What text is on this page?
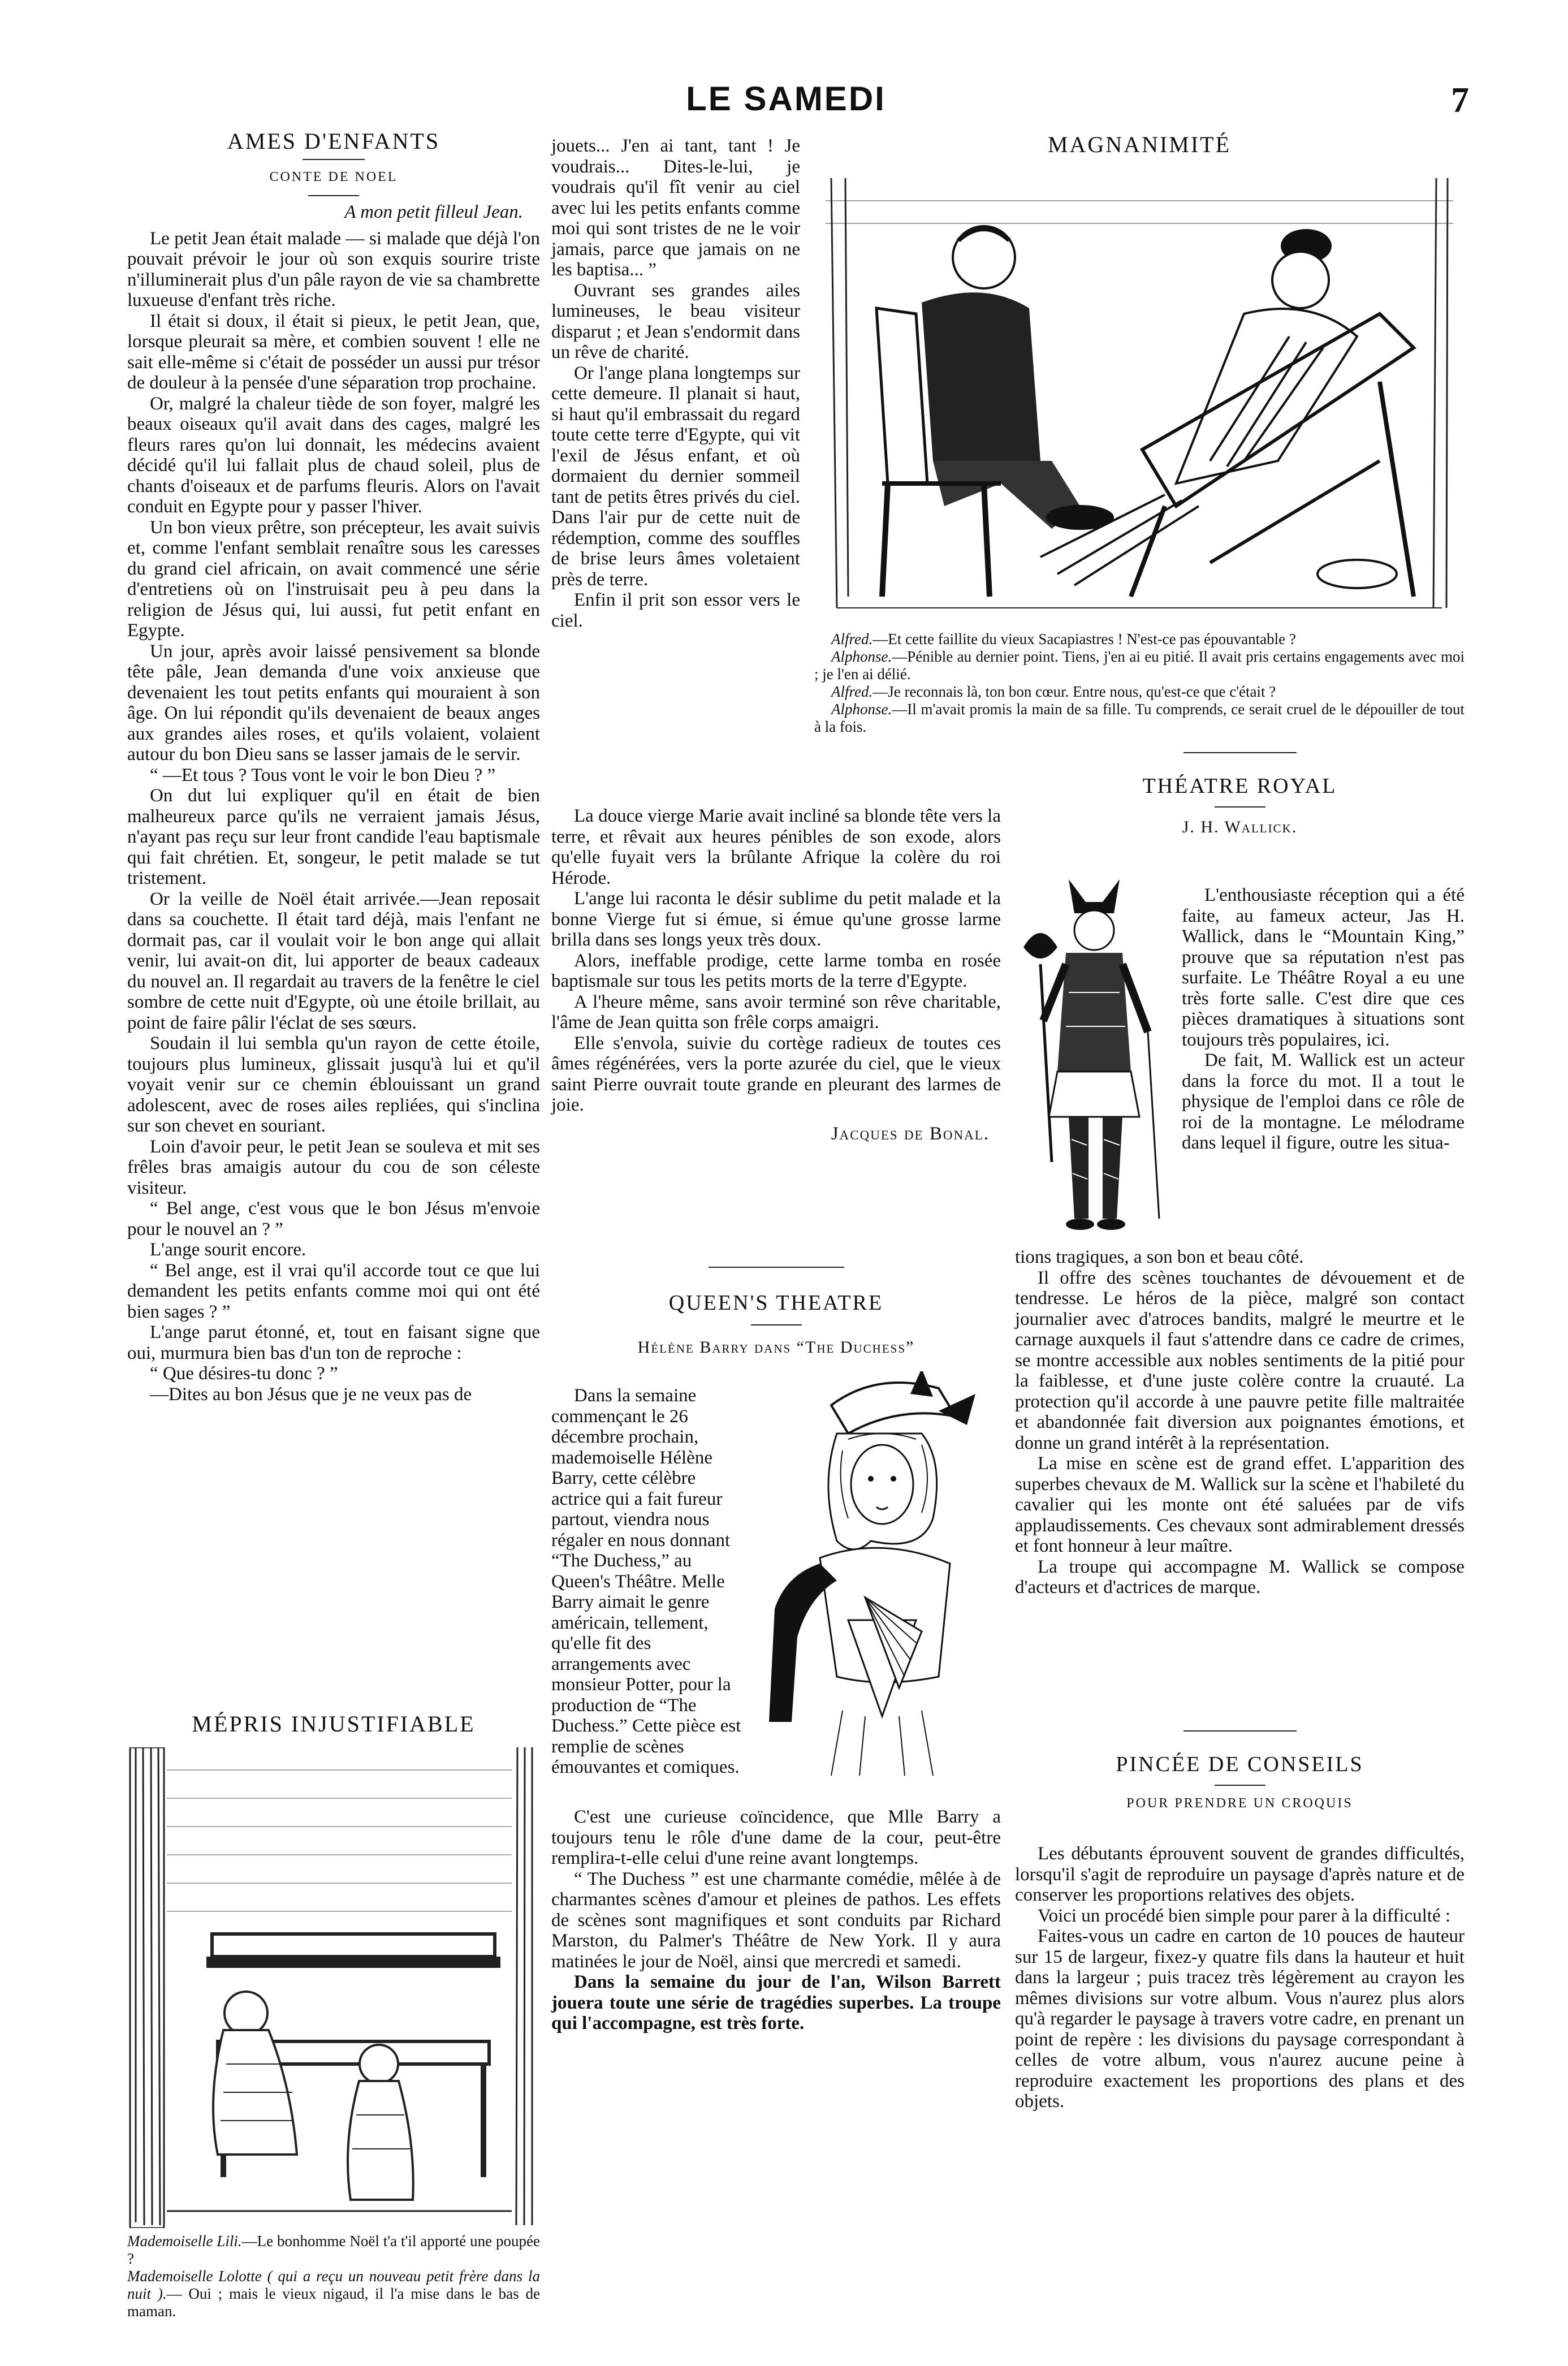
LE SAMEDI	7
AMES D'ENFANTS
CONTE DE NOEL
A mon petit filleul Jean.

Le petit Jean était malade — si malade que déjà l'on pouvait prévoir le jour où son exquis sourire triste n'illuminerait plus d'un pâle rayon de vie sa chambrette luxueuse d'enfant très riche.

Il était si doux, il était si pieux, le petit Jean, que, lorsque pleurait sa mère, et combien souvent ! elle ne sait elle-même si c'était de posséder un aussi pur trésor de douleur à la pensée d'une séparation trop prochaine.

Or, malgré la chaleur tiède de son foyer, malgré les beaux oiseaux qu'il avait dans des cages, malgré les fleurs rares qu'on lui donnait, les médecins avaient décidé qu'il lui fallait plus de chaud soleil, plus de chants d'oiseaux et de parfums fleuris. Alors on l'avait conduit en Egypte pour y passer l'hiver.

Un bon vieux prêtre, son précepteur, les avait suivis et, comme l'enfant semblait renaître sous les caresses du grand ciel africain, on avait commencé une série d'entretiens où on l'instruisait peu à peu dans la religion de Jésus qui, lui aussi, fut petit enfant en Egypte.

Un jour, après avoir laissé pensivement sa blonde tête pâle, Jean demanda d'une voix anxieuse que devenaient les tout petits enfants qui mouraient à son âge. On lui répondit qu'ils devenaient de beaux anges aux grandes ailes roses, et qu'ils volaient, volaient autour du bon Dieu sans se lasser jamais de le servir.

“ —Et tous ? Tous vont le voir le bon Dieu ? ”

On dut lui expliquer qu'il en était de bien malheureux parce qu'ils ne verraient jamais Jésus, n'ayant pas reçu sur leur front candide l'eau baptismale qui fait chrétien. Et, songeur, le petit malade se tut tristement.

Or la veille de Noël était arrivée.—Jean reposait dans sa couchette. Il était tard déjà, mais l'enfant ne dormait pas, car il voulait voir le bon ange qui allait venir, lui avait-on dit, lui apporter de beaux cadeaux du nouvel an. Il regardait au travers de la fenêtre le ciel sombre de cette nuit d'Egypte, où une étoile brillait, au point de faire pâlir l'éclat de ses sœurs.

Soudain il lui sembla qu'un rayon de cette étoile, toujours plus lumineux, glissait jusqu'à lui et qu'il voyait venir sur ce chemin éblouissant un grand adolescent, avec de roses ailes repliées, qui s'inclina sur son chevet en souriant.

Loin d'avoir peur, le petit Jean se souleva et mit ses frêles bras amaigis autour du cou de son céleste visiteur.

“ Bel ange, c'est vous que le bon Jésus m'envoie pour le nouvel an ? ”

L'ange sourit encore.

“ Bel ange, est il vrai qu'il accorde tout ce que lui demandent les petits enfants comme moi qui ont été bien sages ? ”

L'ange parut étonné, et, tout en faisant signe que oui, murmura bien bas d'un ton de reproche :

“ Que désires-tu donc ? ”

—Dites au bon Jésus que je ne veux pas de

MÉPRIS INJUSTIFIABLE
Mademoiselle Lili.—Le bonhomme Noël t'a t'il apporté une poupée ?
Mademoiselle Lolotte ( qui a reçu un nouveau petit frère dans la nuit ).— Oui ; mais le vieux nigaud, il l'a mise dans le bas de maman.

jouets... J'en ai tant, tant ! Je voudrais... Dites-le-lui, je voudrais qu'il fît venir au ciel avec lui les petits enfants comme moi qui sont tristes de ne le voir jamais, parce que jamais on ne les baptisa... ”

Ouvrant ses grandes ailes lumineuses, le beau visiteur disparut ; et Jean s'endormit dans un rêve de charité.

Or l'ange plana longtemps sur cette demeure. Il planait si haut, si haut qu'il embrassait du regard toute cette terre d'Egypte, qui vit l'exil de Jésus enfant, et où dormaient du dernier sommeil tant de petits êtres privés du ciel. Dans l'air pur de cette nuit de rédemption, comme des souffles de brise leurs âmes voletaient près de terre.

Enfin il prit son essor vers le ciel.

La douce vierge Marie avait incliné sa blonde tête vers la terre, et rêvait aux heures pénibles de son exode, alors qu'elle fuyait vers la brûlante Afrique la colère du roi Hérode.

L'ange lui raconta le désir sublime du petit malade et la bonne Vierge fut si émue, si émue qu'une grosse larme brilla dans ses longs yeux très doux.

Alors, ineffable prodige, cette larme tomba en rosée baptismale sur tous les petits morts de la terre d'Egypte.

A l'heure même, sans avoir terminé son rêve charitable, l'âme de Jean quitta son frêle corps amaigri.

Elle s'envola, suivie du cortège radieux de toutes ces âmes régénérées, vers la porte azurée du ciel, que le vieux saint Pierre ouvrait toute grande en pleurant des larmes de joie.

Jacques de Bonal.
QUEEN'S THEATRE
Hélène Barry dans “The Duchess”

Dans la semaine commençant le 26 décembre prochain, mademoiselle Hélène Barry, cette célèbre actrice qui a fait fureur partout, viendra nous régaler en nous donnant “The Duchess,” au Queen's Théâtre. Melle Barry aimait le genre américain, tellement, qu'elle fit des arrangements avec monsieur Potter, pour la production de “The Duchess.” Cette pièce est remplie de scènes émouvantes et comiques.

C'est une curieuse coïncidence, que Mlle Barry a toujours tenu le rôle d'une dame de la cour, peut-être remplira-t-elle celui d'une reine avant longtemps.

“ The Duchess ” est une charmante comédie, mêlée à de charmantes scènes d'amour et pleines de pathos. Les effets de scènes sont magnifiques et sont conduits par Richard Marston, du Palmer's Théâtre de New York. Il y aura matinées le jour de Noël, ainsi que mercredi et samedi.

Dans la semaine du jour de l'an, Wilson Barrett jouera toute une série de tragédies superbes. La troupe qui l'accompagne, est très forte.

MAGNANIMITÉ
Alfred.—Et cette faillite du vieux Sacapiastres ! N'est-ce pas épouvantable ?
Alphonse.—Pénible au dernier point. Tiens, j'en ai eu pitié. Il avait pris certains engagements avec moi ; je l'en ai délié.
Alfred.—Je reconnais là, ton bon cœur. Entre nous, qu'est-ce que c'était ?
Alphonse.—Il m'avait promis la main de sa fille. Tu comprends, ce serait cruel de le dépouiller de tout à la fois.
THÉATRE ROYAL
J. H. Wallick.

L'enthousiaste réception qui a été faite, au fameux acteur, Jas H. Wallick, dans le “Mountain King,” prouve que sa réputation n'est pas surfaite. Le Théâtre Royal a eu une très forte salle. C'est dire que ces pièces dramatiques à situations sont toujours très populaires, ici.

De fait, M. Wallick est un acteur dans la force du mot. Il a tout le physique de l'emploi dans ce rôle de roi de la montagne. Le mélodrame dans lequel il figure, outre les situa-

tions tragiques, a son bon et beau côté.

Il offre des scènes touchantes de dévouement et de tendresse. Le héros de la pièce, malgré son contact journalier avec d'atroces bandits, malgré le meurtre et le carnage auxquels il faut s'attendre dans ce cadre de crimes, se montre accessible aux nobles sentiments de la pitié pour la faiblesse, et d'une juste colère contre la cruauté. La protection qu'il accorde à une pauvre petite fille maltraitée et abandonnée fait diversion aux poignantes émotions, et donne un grand intérêt à la représentation.

La mise en scène est de grand effet. L'apparition des superbes chevaux de M. Wallick sur la scène et l'habileté du cavalier qui les monte ont été saluées par de vifs applaudissements. Ces chevaux sont admirablement dressés et font honneur à leur maître.

La troupe qui accompagne M. Wallick se compose d'acteurs et d'actrices de marque.

PINCÉE DE CONSEILS
POUR PRENDRE UN CROQUIS

Les débutants éprouvent souvent de grandes difficultés, lorsqu'il s'agit de reproduire un paysage d'après nature et de conserver les proportions relatives des objets.

Voici un procédé bien simple pour parer à la difficulté :

Faites-vous un cadre en carton de 10 pouces de hauteur sur 15 de largeur, fixez-y quatre fils dans la hauteur et huit dans la largeur ; puis tracez très légèrement au crayon les mêmes divisions sur votre album. Vous n'aurez plus alors qu'à regarder le paysage à travers votre cadre, en prenant un point de repère : les divisions du paysage correspondant à celles de votre album, vous n'aurez aucune peine à reproduire exactement les proportions des plans et des objets.
